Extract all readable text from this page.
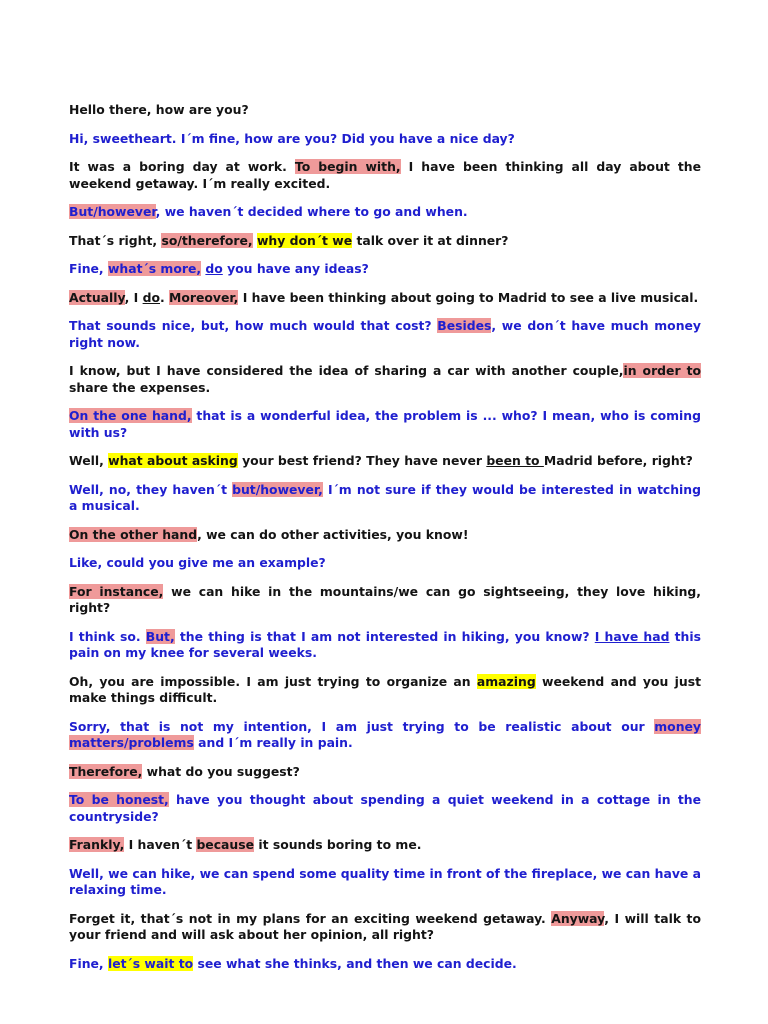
Hello there, how are you?

Hi, sweetheart. I´m fine, how are you? Did you have a nice day?

It was a boring day at work. To begin with, I have been thinking all day about the weekend getaway. I´m really excited.

But/however, we haven´t decided where to go and when.

That´s right, so/therefore, why don´t we talk over it at dinner?

Fine, what´s more, do you have any ideas?

Actually, I do. Moreover, I have been thinking about going to Madrid to see a live musical.

That sounds nice, but, how much would that cost? Besides, we don´t have much money right now.

I know, but I have considered the idea of sharing a car with another couple,in order to share the expenses.

On the one hand, that is a wonderful idea, the problem is ... who? I mean, who is coming with us?

Well, what about asking your best friend? They have never been to Madrid before, right?

Well, no, they haven´t but/however, I´m not sure if they would be interested in watching a musical.

On the other hand, we can do other activities, you know!

Like, could you give me an example?

For instance, we can hike in the mountains/we can go sightseeing, they love hiking, right?

I think so. But, the thing is that I am not interested in hiking, you know? I have had this pain on my knee for several weeks.

Oh, you are impossible. I am just trying to organize an amazing weekend and you just make things difficult.

Sorry, that is not my intention, I am just trying to be realistic about our money matters/problems and I´m really in pain.

Therefore, what do you suggest?

To be honest, have you thought about spending a quiet weekend in a cottage in the countryside?

Frankly, I haven´t because it sounds boring to me.

Well, we can hike, we can spend some quality time in front of the fireplace, we can have a relaxing time.

Forget it, that´s not in my plans for an exciting weekend getaway. Anyway, I will talk to your friend and will ask about her opinion, all right?

Fine, let´s wait to see what she thinks, and then we can decide.
